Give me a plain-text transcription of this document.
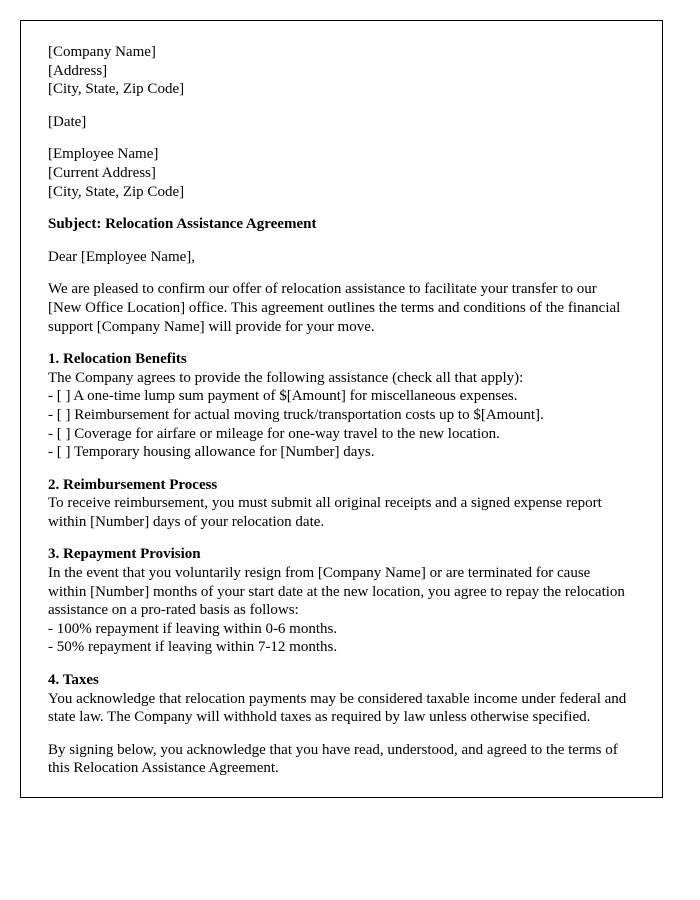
[Company Name]
[Address]
[City, State, Zip Code]
[Date]
[Employee Name]
[Current Address]
[City, State, Zip Code]
Subject: Relocation Assistance Agreement
Dear [Employee Name],
We are pleased to confirm our offer of relocation assistance to facilitate your transfer to our [New Office Location] office. This agreement outlines the terms and conditions of the financial support [Company Name] will provide for your move.
1. Relocation Benefits
The Company agrees to provide the following assistance (check all that apply):
- [ ] A one-time lump sum payment of $[Amount] for miscellaneous expenses.
- [ ] Reimbursement for actual moving truck/transportation costs up to $[Amount].
- [ ] Coverage for airfare or mileage for one-way travel to the new location.
- [ ] Temporary housing allowance for [Number] days.
2. Reimbursement Process
To receive reimbursement, you must submit all original receipts and a signed expense report within [Number] days of your relocation date.
3. Repayment Provision
In the event that you voluntarily resign from [Company Name] or are terminated for cause within [Number] months of your start date at the new location, you agree to repay the relocation assistance on a pro-rated basis as follows:
- 100% repayment if leaving within 0-6 months.
- 50% repayment if leaving within 7-12 months.
4. Taxes
You acknowledge that relocation payments may be considered taxable income under federal and state law. The Company will withhold taxes as required by law unless otherwise specified.
By signing below, you acknowledge that you have read, understood, and agreed to the terms of this Relocation Assistance Agreement.
